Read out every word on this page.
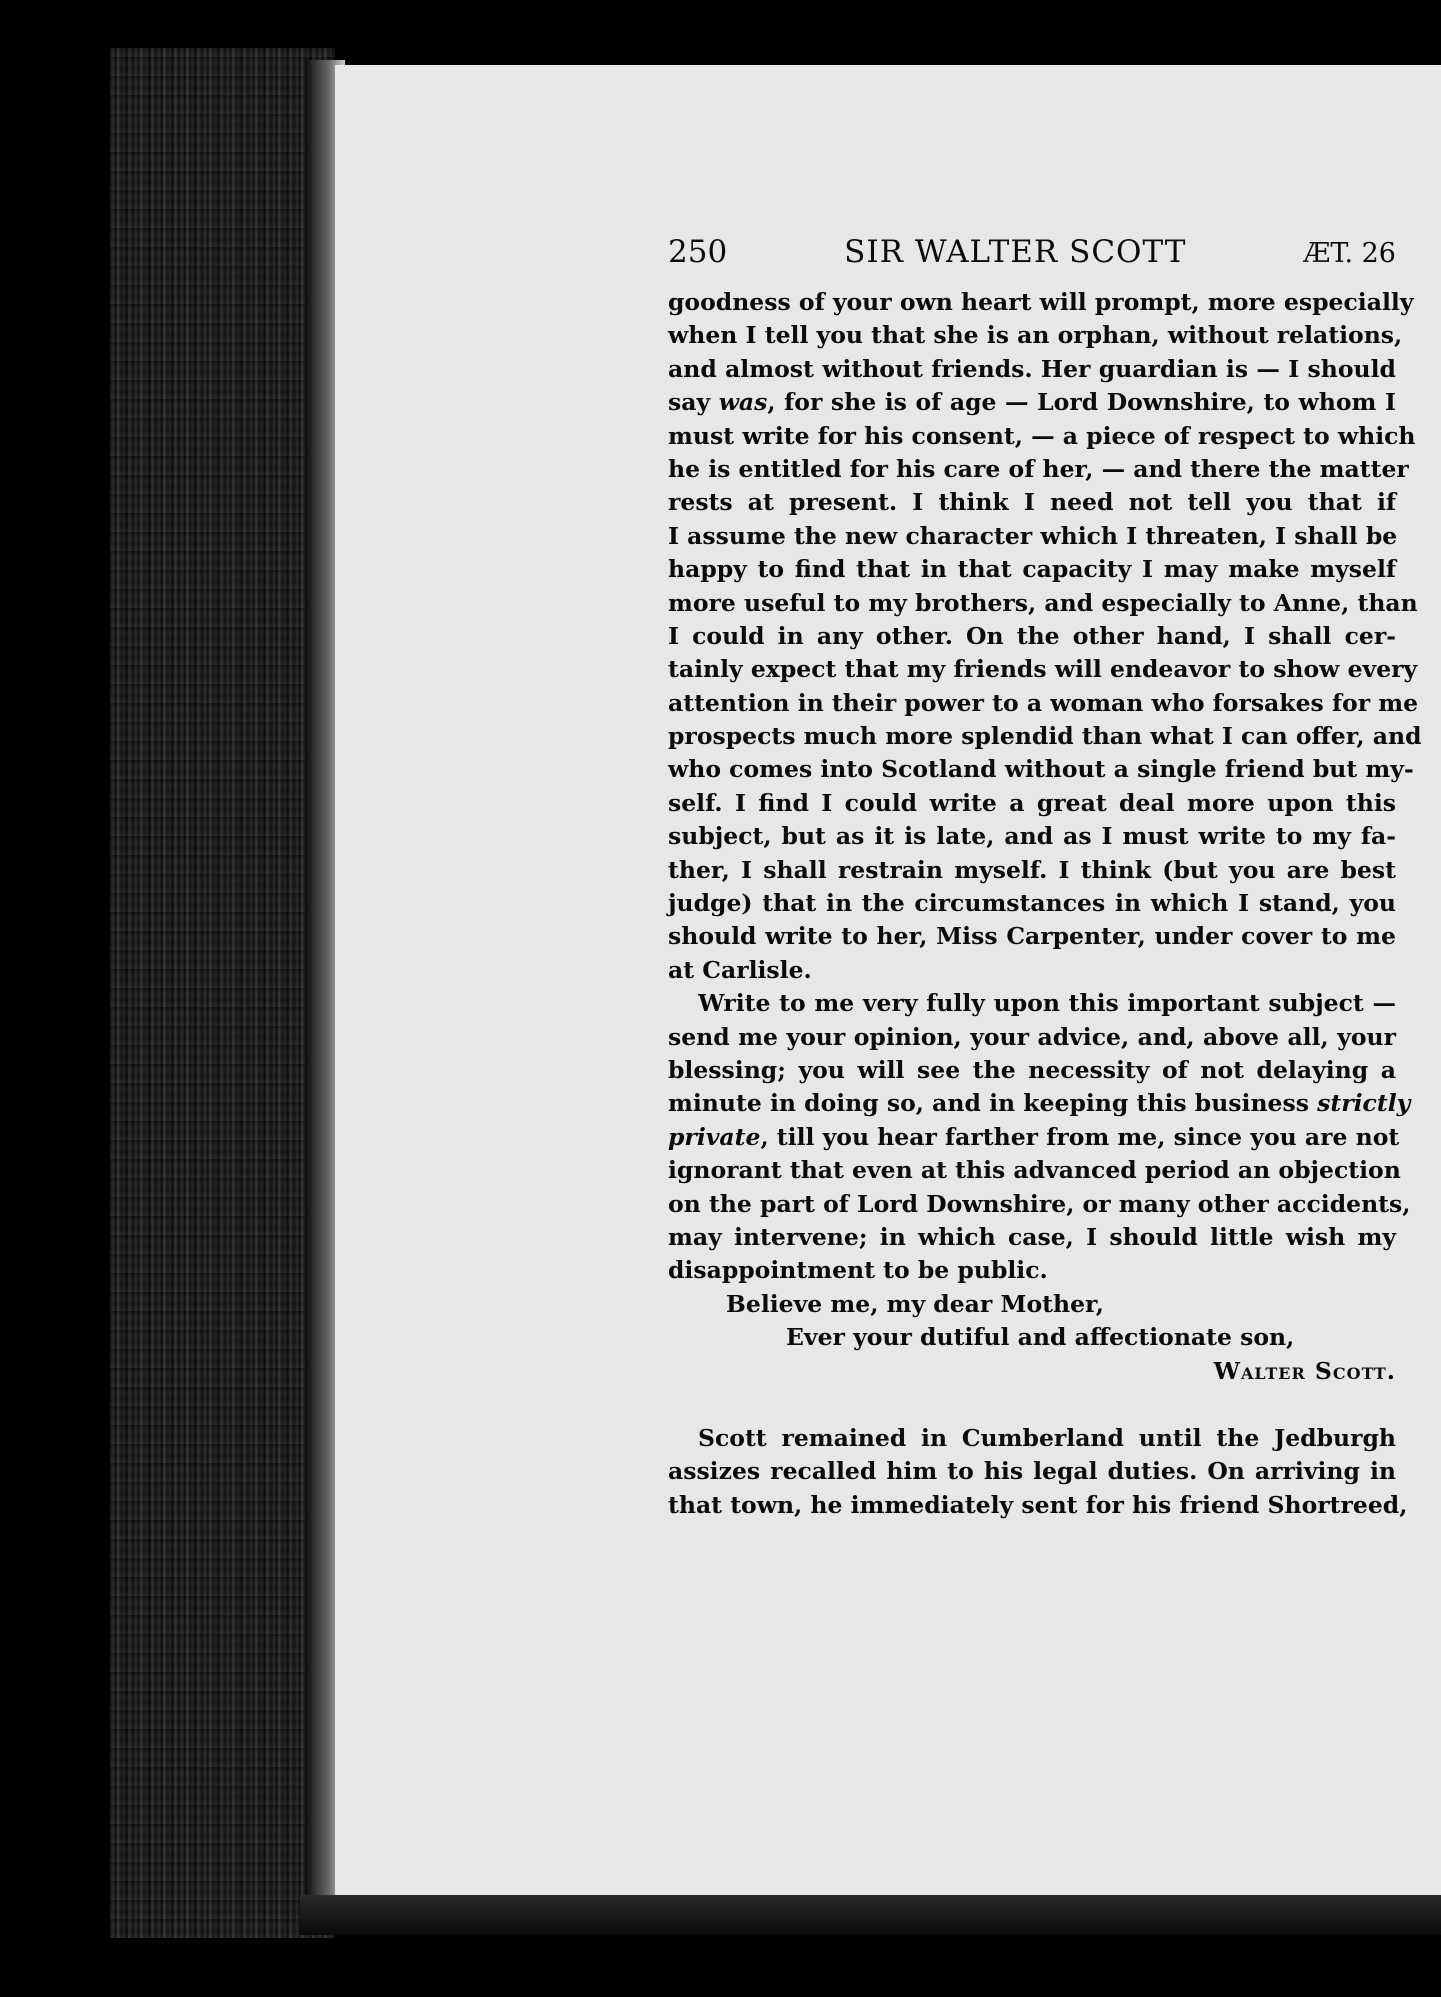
250	SIR WALTER SCOTT	ÆT. 26
goodness of your own heart will prompt, more especially
when I tell you that she is an orphan, without relations,
and almost without friends. Her guardian is — I should
say was, for she is of age — Lord Downshire, to whom I
must write for his consent, — a piece of respect to which
he is entitled for his care of her, — and there the matter
rests at present. I think I need not tell you that if
I assume the new character which I threaten, I shall be
happy to find that in that capacity I may make myself
more useful to my brothers, and especially to Anne, than
I could in any other. On the other hand, I shall cer-
tainly expect that my friends will endeavor to show every
attention in their power to a woman who forsakes for me
prospects much more splendid than what I can offer, and
who comes into Scotland without a single friend but my-
self. I find I could write a great deal more upon this
subject, but as it is late, and as I must write to my fa-
ther, I shall restrain myself. I think (but you are best
judge) that in the circumstances in which I stand, you
should write to her, Miss Carpenter, under cover to me
at Carlisle.
Write to me very fully upon this important subject —
send me your opinion, your advice, and, above all, your
blessing; you will see the necessity of not delaying a
minute in doing so, and in keeping this business strictly
private, till you hear farther from me, since you are not
ignorant that even at this advanced period an objection
on the part of Lord Downshire, or many other accidents,
may intervene; in which case, I should little wish my
disappointment to be public.
Believe me, my dear Mother,
Ever your dutiful and affectionate son,
Walter Scott.
Scott remained in Cumberland until the Jedburgh
assizes recalled him to his legal duties. On arriving in
that town, he immediately sent for his friend Shortreed,
